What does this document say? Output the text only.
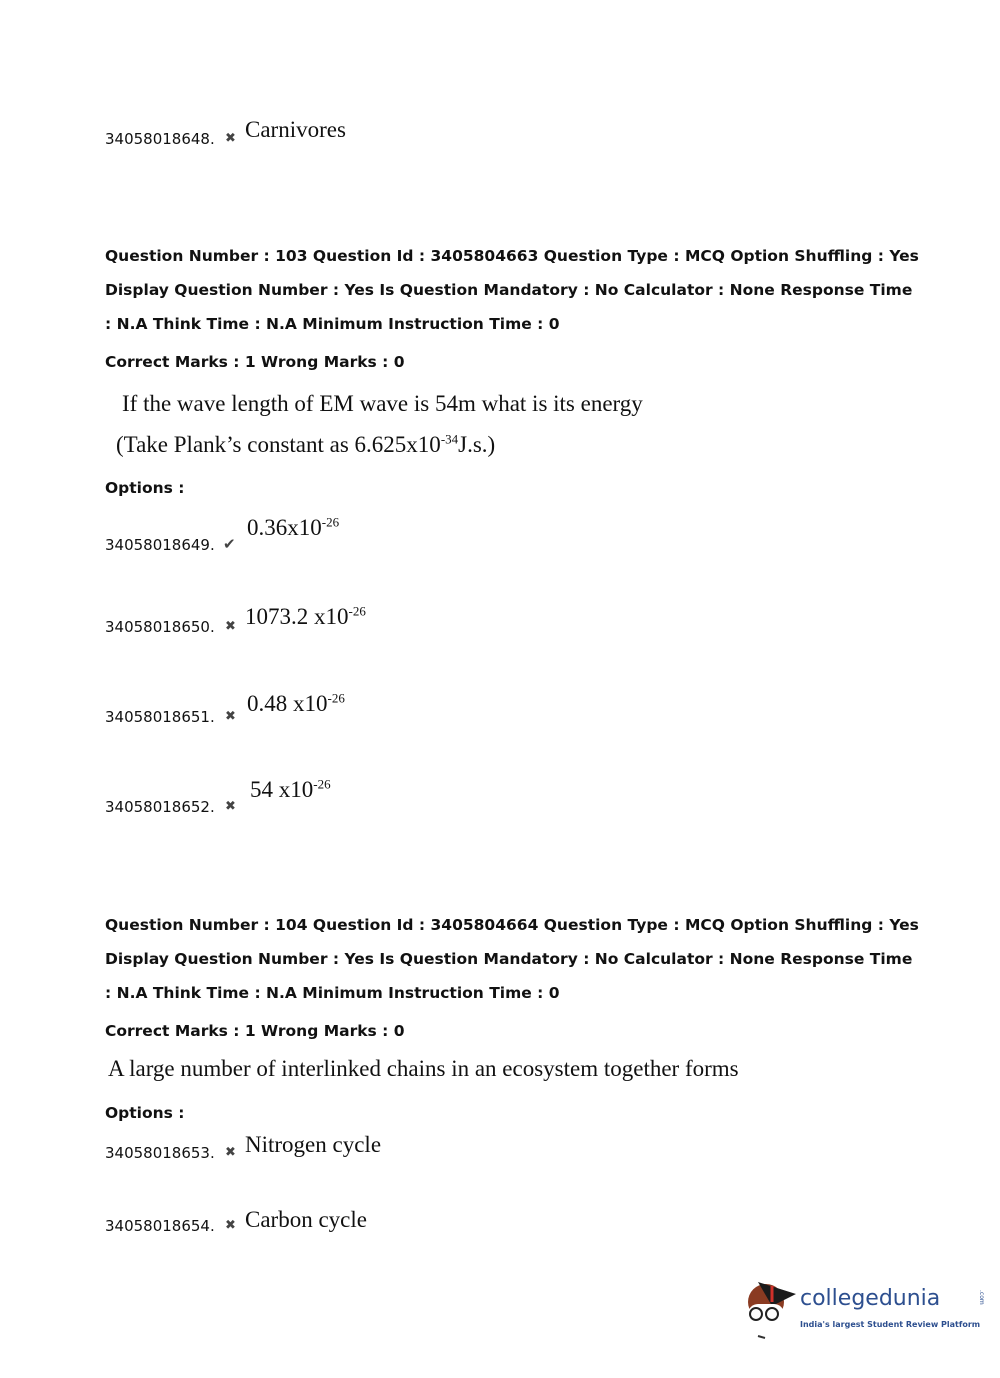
34058018648. ✖ Carnivores
Question Number : 103 Question Id : 3405804663 Question Type : MCQ Option Shuffling : Yes
Display Question Number : Yes Is Question Mandatory : No Calculator : None Response Time
: N.A Think Time : N.A Minimum Instruction Time : 0
Correct Marks : 1 Wrong Marks : 0
If the wave length of EM wave is 54m what is its energy
(Take Plank’s constant as $6.625x10^{-34}J.s$.)
Options :
34058018649. ✔
$0.36x10^{-26}$
34058018650. ✖ 1073.2 $x10^{-26}$
34058018651. ✖
0.48 $x10^{-26}$
34058018652. ✖
54 $x10^{-26}$
Question Number : 104 Question Id : 3405804664 Question Type : MCQ Option Shuffling : Yes
Display Question Number : Yes Is Question Mandatory : No Calculator : None Response Time
: N.A Think Time : N.A Minimum Instruction Time : 0
Correct Marks : 1 Wrong Marks : 0
A large number of interlinked chains in an ecosystem together forms
Options :
34058018653. ✖ Nitrogen cycle
34058018654. ✖ Carbon cycle
collegedunia	.com
India's largest Student Review Platform
